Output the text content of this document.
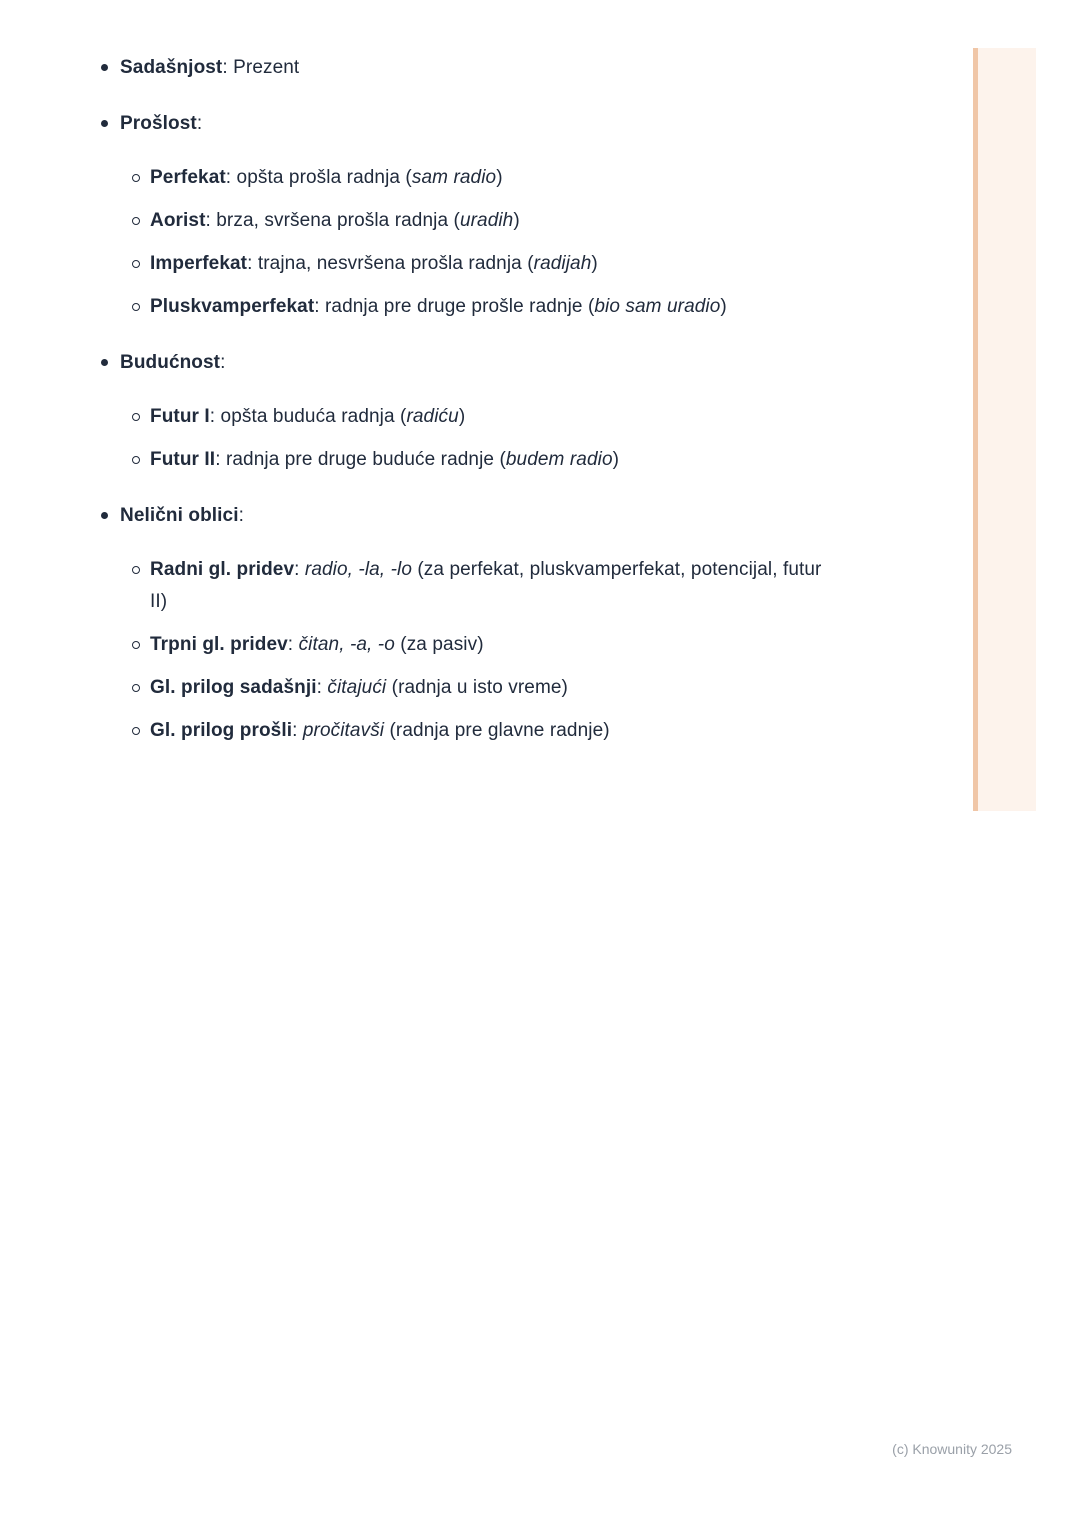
Sadašnjost: Prezent
Prošlost:
Perfekat: opšta prošla radnja (sam radio)
Aorist: brza, svršena prošla radnja (uradih)
Imperfekat: trajna, nesvršena prošla radnja (radijah)
Pluskvamperfekat: radnja pre druge prošle radnje (bio sam uradio)
Budućnost:
Futur I: opšta buduća radnja (radiću)
Futur II: radnja pre druge buduće radnje (budem radio)
Nelični oblici:
Radni gl. pridev: radio, -la, -lo (za perfekat, pluskvamperfekat, potencijal, futur II)
Trpni gl. pridev: čitan, -a, -o (za pasiv)
Gl. prilog sadašnji: čitajući (radnja u isto vreme)
Gl. prilog prošli: pročitavši (radnja pre glavne radnje)
(c) Knowunity 2025
